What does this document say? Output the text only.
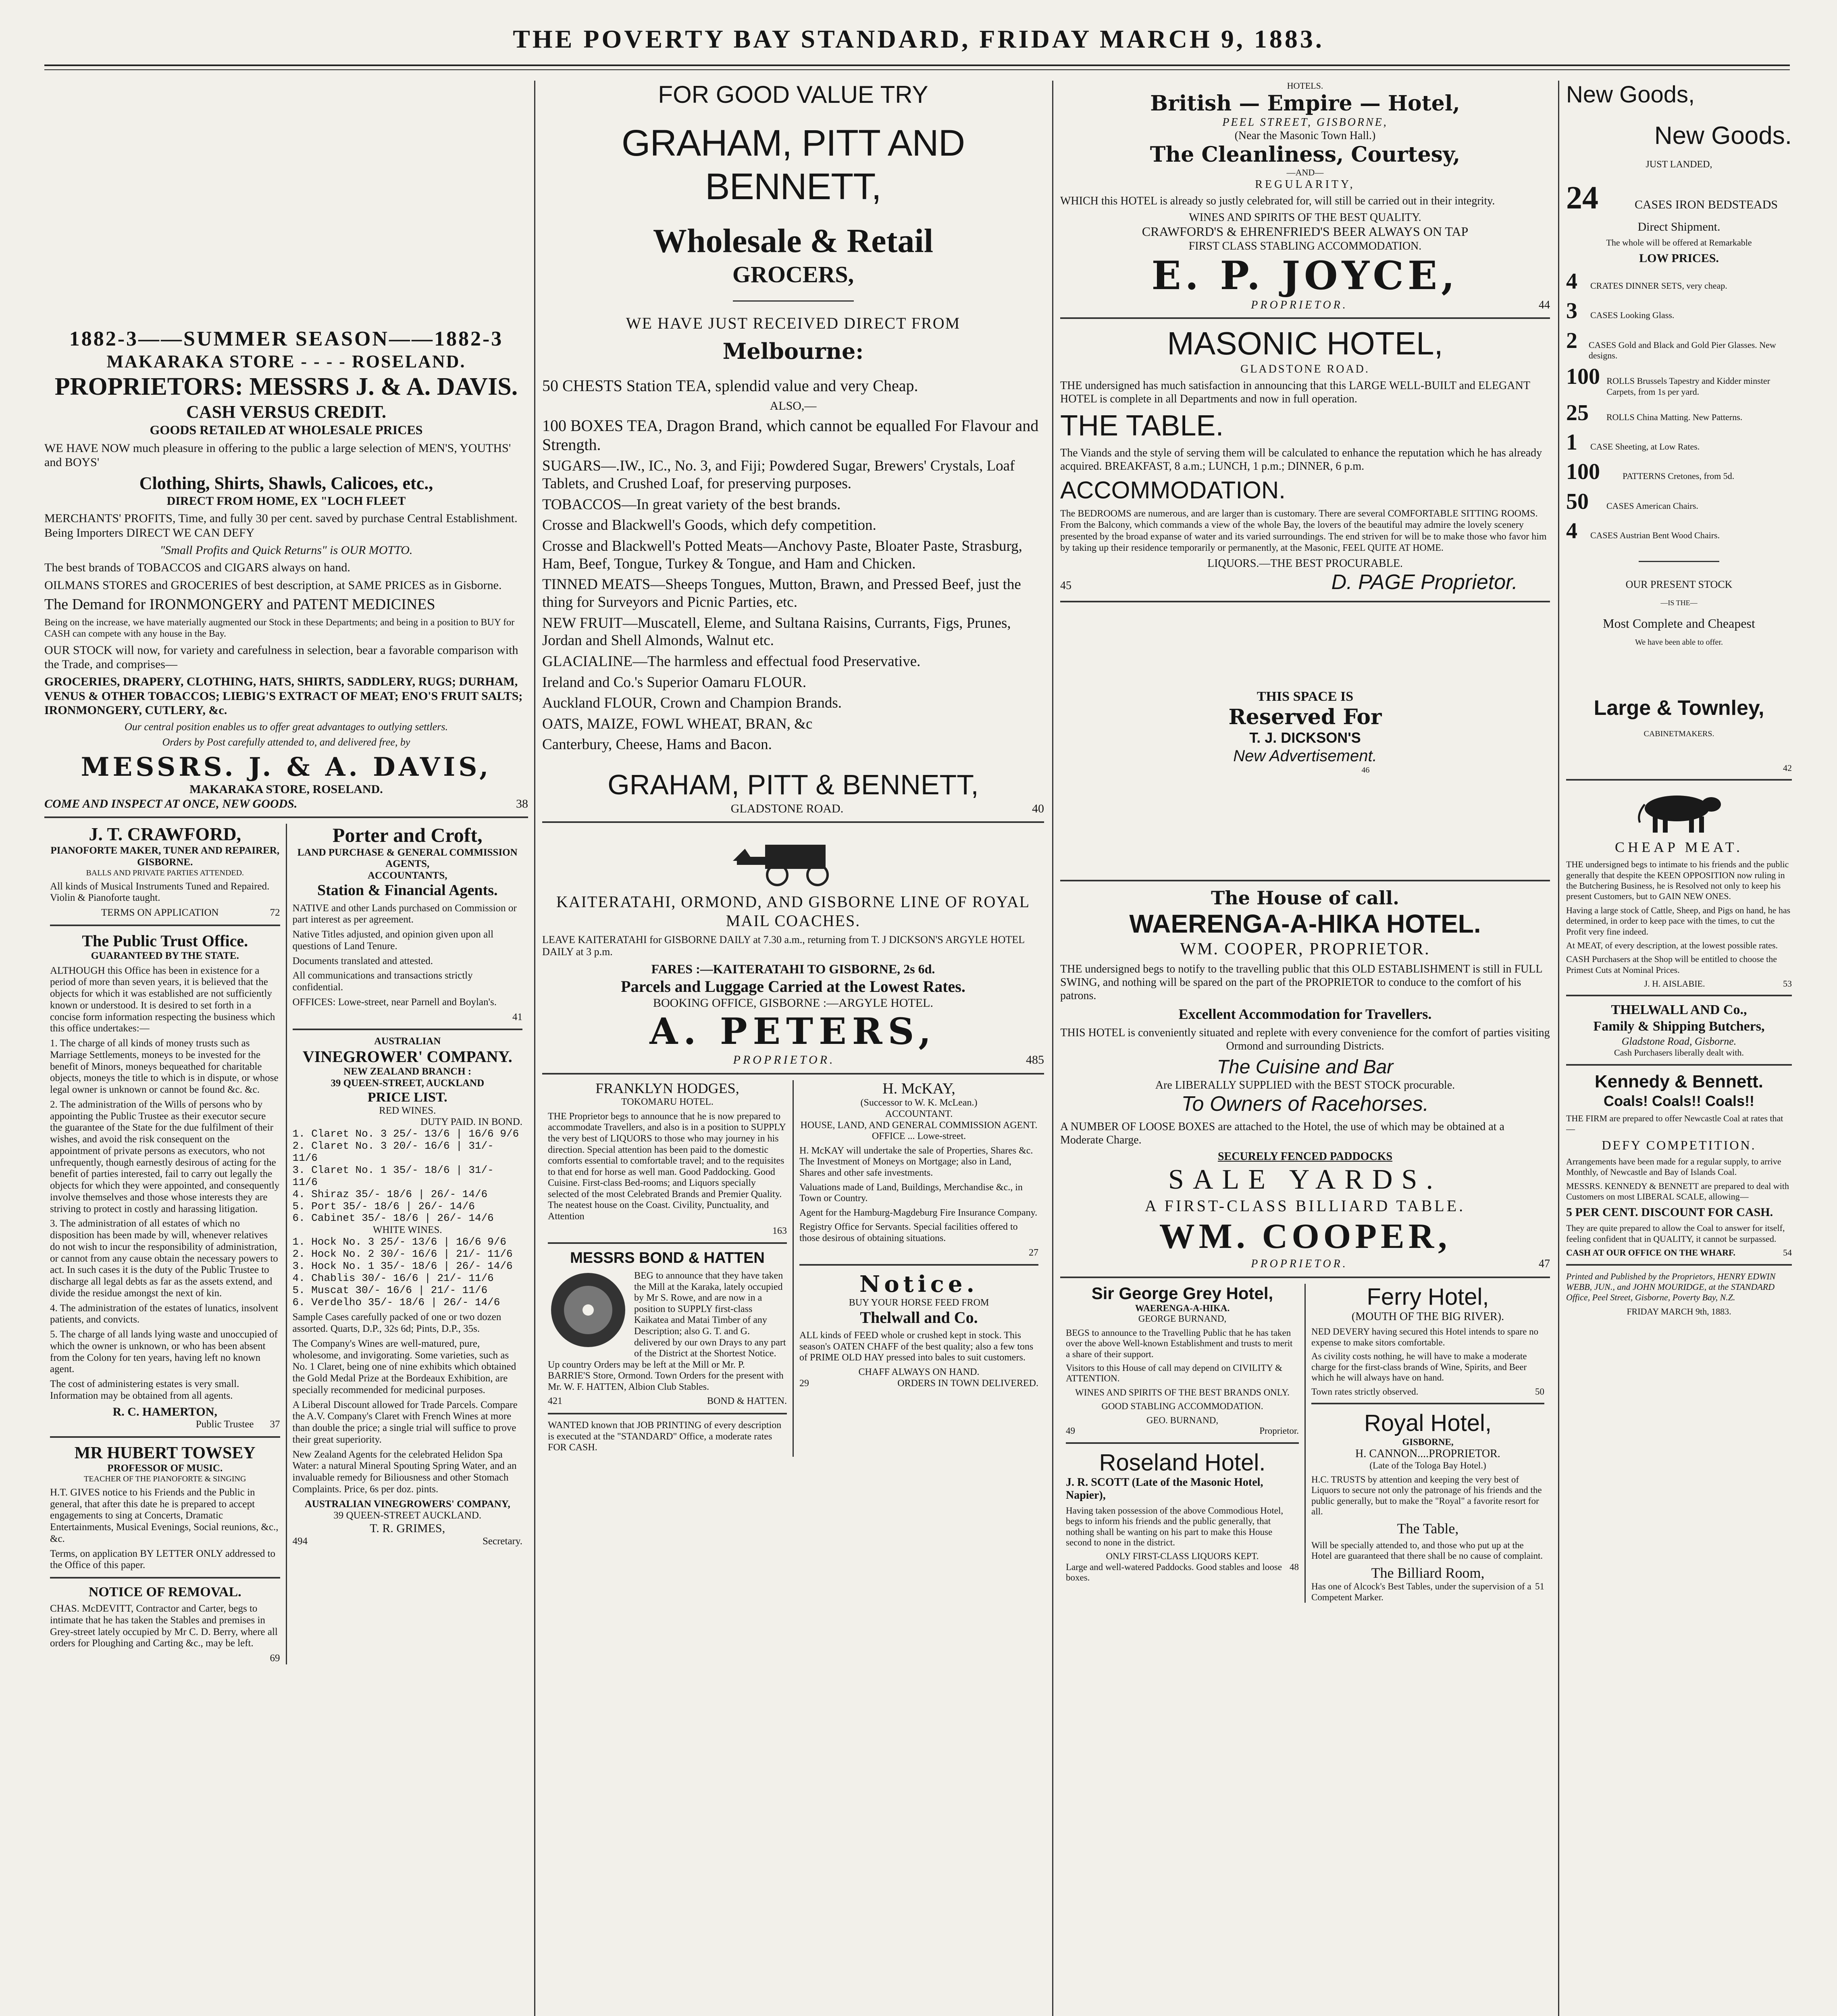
THE POVERTY BAY STANDARD, FRIDAY MARCH 9, 1883.
1882-3——SUMMER SEASON——1882-3
MAKARAKA STORE - - - - ROSELAND.
PROPRIETORS: MESSRS J. & A. DAVIS.
CASH VERSUS CREDIT.
GOODS RETAILED AT WHOLESALE PRICES

WE HAVE NOW much pleasure in offering to the public a large selection of MEN'S, YOUTHS' and BOYS'

Clothing, Shirts, Shawls, Calicoes, etc.,
DIRECT FROM HOME, EX "LOCH FLEET

MERCHANTS' PROFITS, Time, and fully 30 per cent. saved by purchase Central Establishment. Being Importers DIRECT WE CAN DEFY

"Small Profits and Quick Returns" is OUR MOTTO.

The best brands of TOBACCOS and CIGARS always on hand.

OILMANS STORES and GROCERIES of best description, at SAME PRICES as in Gisborne.

The Demand for IRONMONGERY and PATENT MEDICINES

Being on the increase, we have materially augmented our Stock in these Departments; and being in a position to BUY for CASH can compete with any house in the Bay.

OUR STOCK will now, for variety and carefulness in selection, bear a favorable comparison with the Trade, and comprises—

GROCERIES, DRAPERY, CLOTHING, HATS, SHIRTS, SADDLERY, RUGS; DURHAM, VENUS & OTHER TOBACCOS; LIEBIG'S EXTRACT OF MEAT; ENO'S FRUIT SALTS; IRONMONGERY, CUTLERY, &c.

Our central position enables us to offer great advantages to outlying settlers.

Orders by Post carefully attended to, and delivered free, by

MESSRS. J. & A. DAVIS,
MAKARAKA STORE, ROSELAND.
COME AND INSPECT AT ONCE, NEW GOODS.	38
J. T. CRAWFORD,
PIANOFORTE MAKER, TUNER AND REPAIRER, GISBORNE.
BALLS AND PRIVATE PARTIES ATTENDED.

All kinds of Musical Instruments Tuned and Repaired. Violin & Pianoforte taught.

TERMS ON APPLICATION	72
The Public Trust Office.
GUARANTEED BY THE STATE.

ALTHOUGH this Office has been in existence for a period of more than seven years, it is believed that the objects for which it was established are not sufficiently known or understood. It is desired to set forth in a concise form information respecting the business which this office undertakes:—

1. The charge of all kinds of money trusts such as Marriage Settlements, moneys to be invested for the benefit of Minors, moneys bequeathed for charitable objects, moneys the title to which is in dispute, or whose legal owner is unknown or cannot be found &c. &c.

2. The administration of the Wills of persons who by appointing the Public Trustee as their executor secure the guarantee of the State for the due fulfilment of their wishes, and avoid the risk consequent on the appointment of private persons as executors, who not unfrequently, though earnestly desirous of acting for the benefit of parties interested, fail to carry out legally the objects for which they were appointed, and consequently involve themselves and those whose interests they are striving to protect in costly and harassing litigation.

3. The administration of all estates of which no disposition has been made by will, whenever relatives do not wish to incur the responsibility of administration, or cannot from any cause obtain the necessary powers to act. In such cases it is the duty of the Public Trustee to discharge all legal debts as far as the assets extend, and divide the residue amongst the next of kin.

4. The administration of the estates of lunatics, insolvent patients, and convicts.

5. The charge of all lands lying waste and unoccupied of which the owner is unknown, or who has been absent from the Colony for ten years, having left no known agent.

The cost of administering estates is very small. Information may be obtained from all agents.

R. C. HAMERTON,
Public Trustee 37
MR HUBERT TOWSEY
PROFESSOR OF MUSIC.
TEACHER OF THE PIANOFORTE & SINGING

H.T. GIVES notice to his Friends and the Public in general, that after this date he is prepared to accept engagements to sing at Concerts, Dramatic Entertainments, Musical Evenings, Social reunions, &c., &c.

Terms, on application BY LETTER ONLY addressed to the Office of this paper.

NOTICE OF REMOVAL.

CHAS. McDEVITT, Contractor and Carter, begs to intimate that he has taken the Stables and premises in Grey-street lately occupied by Mr C. D. Berry, where all orders for Ploughing and Carting &c., may be left.

69
Porter and Croft,
LAND PURCHASE & GENERAL COMMISSION AGENTS,
ACCOUNTANTS,
Station & Financial Agents.

NATIVE and other Lands purchased on Commission or part interest as per agreement.

Native Titles adjusted, and opinion given upon all questions of Land Tenure.

Documents translated and attested.

All communications and transactions strictly confidential.

OFFICES: Lowe-street, near Parnell and Boylan's.

41
AUSTRALIAN
VINEGROWER' COMPANY.
NEW ZEALAND BRANCH :
39 QUEEN-STREET, AUCKLAND
PRICE LIST.
RED WINES.
DUTY PAID. IN BOND.
1. Claret No. 3 25/- 13/6 | 16/6 9/6
2. Claret No. 3 20/- 16/6 | 31/- 11/6
3. Claret No. 1 35/- 18/6 | 31/- 11/6
4. Shiraz 35/- 18/6 | 26/- 14/6
5. Port 35/- 18/6 | 26/- 14/6
6. Cabinet 35/- 18/6 | 26/- 14/6
WHITE WINES.
1. Hock No. 3 25/- 13/6 | 16/6 9/6
2. Hock No. 2 30/- 16/6 | 21/- 11/6
3. Hock No. 1 35/- 18/6 | 26/- 14/6
4. Chablis 30/- 16/6 | 21/- 11/6
5. Muscat 30/- 16/6 | 21/- 11/6
6. Verdelho 35/- 18/6 | 26/- 14/6

Sample Cases carefully packed of one or two dozen assorted. Quarts, D.P., 32s 6d; Pints, D.P., 35s.

The Company's Wines are well-matured, pure, wholesome, and invigorating. Some varieties, such as No. 1 Claret, being one of nine exhibits which obtained the Gold Medal Prize at the Bordeaux Exhibition, are specially recommended for medicinal purposes.

A Liberal Discount allowed for Trade Parcels. Compare the A.V. Company's Claret with French Wines at more than double the price; a single trial will suffice to prove their great superiority.

New Zealand Agents for the celebrated Helidon Spa Water: a natural Mineral Spouting Spring Water, and an invaluable remedy for Biliousness and other Stomach Complaints. Price, 6s per doz. pints.

AUSTRALIAN VINEGROWERS' COMPANY,
39 QUEEN-STREET AUCKLAND.
T. R. GRIMES,
494	Secretary.
FOR GOOD VALUE TRY
GRAHAM, PITT AND BENNETT,
Wholesale & Retail
GROCERS,
WE HAVE JUST RECEIVED DIRECT FROM
Melbourne:

50 CHESTS Station TEA, splendid value and very Cheap.

ALSO,—

100 BOXES TEA, Dragon Brand, which cannot be equalled For Flavour and Strength.

SUGARS—.IW., IC., No. 3, and Fiji; Powdered Sugar, Brewers' Crystals, Loaf Tablets, and Crushed Loaf, for preserving purposes.

TOBACCOS—In great variety of the best brands.

Crosse and Blackwell's Goods, which defy competition.

Crosse and Blackwell's Potted Meats—Anchovy Paste, Bloater Paste, Strasburg, Ham, Beef, Tongue, Turkey & Tongue, and Ham and Chicken.

TINNED MEATS—Sheeps Tongues, Mutton, Brawn, and Pressed Beef, just the thing for Surveyors and Picnic Parties, etc.

NEW FRUIT—Muscatell, Eleme, and Sultana Raisins, Currants, Figs, Prunes, Jordan and Shell Almonds, Walnut etc.

GLACIALINE—The harmless and effectual food Preservative.

Ireland and Co.'s Superior Oamaru FLOUR.

Auckland FLOUR, Crown and Champion Brands.

OATS, MAIZE, FOWL WHEAT, BRAN, &c

Canterbury, Cheese, Hams and Bacon.

GRAHAM, PITT & BENNETT,
GLADSTONE ROAD.	40
KAITERATAHI, ORMOND, AND GISBORNE LINE OF ROYAL MAIL COACHES.

LEAVE KAITERATAHI for GISBORNE DAILY at 7.30 a.m., returning from T. J DICKSON'S ARGYLE HOTEL DAILY at 3 p.m.

FARES :—KAITERATAHI TO GISBORNE, 2s 6d.
Parcels and Luggage Carried at the Lowest Rates.
BOOKING OFFICE, GISBORNE :—ARGYLE HOTEL.
A. PETERS,
PROPRIETOR.	485
FRANKLYN HODGES,
TOKOMARU HOTEL.

THE Proprietor begs to announce that he is now prepared to accommodate Travellers, and also is in a position to SUPPLY the very best of LIQUORS to those who may journey in his direction. Special attention has been paid to the domestic comforts essential to comfortable travel; and to the requisites to that end for horse as well man. Good Paddocking. Good Cuisine. First-class Bed-rooms; and Liquors specially selected of the most Celebrated Brands and Premier Quality. The neatest house on the Coast. Civility, Punctuality, and Attention

163
MESSRS BOND & HATTEN

BEG to announce that they have taken the Mill at the Karaka, lately occupied by Mr S. Rowe, and are now in a position to SUPPLY first-class Kaikatea and Matai Timber of any Description; also G. T. and G. delivered by our own Drays to any part of the District at the Shortest Notice. Up country Orders may be left at the Mill or Mr. P. BARRIE'S Store, Ormond. Town Orders for the present with Mr. W. F. HATTEN, Albion Club Stables.

421	BOND & HATTEN.

WANTED known that JOB PRINTING of every description is executed at the "STANDARD" Office, a moderate rates FOR CASH.

H. McKAY,
(Successor to W. K. McLean.)
ACCOUNTANT.
HOUSE, LAND, AND GENERAL COMMISSION AGENT.
OFFICE ... Lowe-street.

H. McKAY will undertake the sale of Properties, Shares &c. The Investment of Moneys on Mortgage; also in Land, Shares and other safe investments.

Valuations made of Land, Buildings, Merchandise &c., in Town or Country.

Agent for the Hamburg-Magdeburg Fire Insurance Company.

Registry Office for Servants. Special facilities offered to those desirous of obtaining situations.

27
Notice.
BUY YOUR HORSE FEED FROM
Thelwall and Co.

ALL kinds of FEED whole or crushed kept in stock. This season's OATEN CHAFF of the best quality; also a few tons of PRIME OLD HAY pressed into bales to suit customers.

CHAFF ALWAYS ON HAND.
29	ORDERS IN TOWN DELIVERED.
HOTELS.
British — Empire — Hotel,
PEEL STREET, GISBORNE,
(Near the Masonic Town Hall.)
The Cleanliness, Courtesy,
—AND—
REGULARITY,

WHICH this HOTEL is already so justly celebrated for, will still be carried out in their integrity.

WINES AND SPIRITS OF THE BEST QUALITY.
CRAWFORD'S & EHRENFRIED'S BEER ALWAYS ON TAP
FIRST CLASS STABLING ACCOMMODATION.
E. P. JOYCE,
PROPRIETOR.	44
MASONIC HOTEL,
GLADSTONE ROAD.

THE undersigned has much satisfaction in announcing that this LARGE WELL-BUILT and ELEGANT HOTEL is complete in all Departments and now in full operation.

THE TABLE.

The Viands and the style of serving them will be calculated to enhance the reputation which he has already acquired. BREAKFAST, 8 a.m.; LUNCH, 1 p.m.; DINNER, 6 p.m.

ACCOMMODATION.

The BEDROOMS are numerous, and are larger than is customary. There are several COMFORTABLE SITTING ROOMS. From the Balcony, which commands a view of the whole Bay, the lovers of the beautiful may admire the lovely scenery presented by the broad expanse of water and its varied surroundings. The end striven for will be to make those who favor him by taking up their residence temporarily or permanently, at the Masonic, FEEL QUITE AT HOME.

LIQUORS.—THE BEST PROCURABLE.
45	D. PAGE Proprietor.
THIS SPACE IS
Reserved For
T. J. DICKSON'S
New Advertisement.
46
The House of call.
WAERENGA-A-HIKA HOTEL.
WM. COOPER, PROPRIETOR.

THE undersigned begs to notify to the travelling public that this OLD ESTABLISHMENT is still in FULL SWING, and nothing will be spared on the part of the PROPRIETOR to conduce to the comfort of his patrons.

Excellent Accommodation for Travellers.

THIS HOTEL is conveniently situated and replete with every convenience for the comfort of parties visiting Ormond and surrounding Districts.

The Cuisine and Bar
Are LIBERALLY SUPPLIED with the BEST STOCK procurable.
To Owners of Racehorses.

A NUMBER OF LOOSE BOXES are attached to the Hotel, the use of which may be obtained at a Moderate Charge.

SECURELY FENCED PADDOCKS
SALE YARDS.
A FIRST-CLASS BILLIARD TABLE.
WM. COOPER,
PROPRIETOR.	47
Sir George Grey Hotel,
WAERENGA-A-HIKA.
GEORGE BURNAND,

BEGS to announce to the Travelling Public that he has taken over the above Well-known Establishment and trusts to merit a share of their support.

Visitors to this House of call may depend on CIVILITY & ATTENTION.

WINES AND SPIRITS OF THE BEST BRANDS ONLY.

GOOD STABLING ACCOMMODATION.

GEO. BURNAND,
49	Proprietor.
Roseland Hotel.
J. R. SCOTT (Late of the Masonic Hotel, Napier),

Having taken possession of the above Commodious Hotel, begs to inform his friends and the public generally, that nothing shall be wanting on his part to make this House second to none in the district.

ONLY FIRST-CLASS LIQUORS KEPT.
Large and well-watered Paddocks. Good stables and loose boxes.
48
Ferry Hotel,
(MOUTH OF THE BIG RIVER).

NED DEVERY having secured this Hotel intends to spare no expense to make sitors comfortable.

As civility costs nothing, he will have to make a moderate charge for the first-class brands of Wine, Spirits, and Beer which he will always have on hand.

Town rates strictly observed.	50
Royal Hotel,
GISBORNE,
H. CANNON....PROPRIETOR.
(Late of the Tologa Bay Hotel.)

H.C. TRUSTS by attention and keeping the very best of Liquors to secure not only the patronage of his friends and the public generally, but to make the "Royal" a favorite resort for all.

The Table,

Will be specially attended to, and those who put up at the Hotel are guaranteed that there shall be no cause of complaint.

The Billiard Room,
Has one of Alcock's Best Tables, under the supervision of a Competent Marker.
51
New Goods,
New Goods.
JUST LANDED,
24	CASES IRON BEDSTEADS
Direct Shipment.

The whole will be offered at Remarkable

LOW PRICES.
4	CRATES DINNER SETS, very cheap.
3	CASES Looking Glass.
2	CASES Gold and Black and Gold Pier Glasses. New designs.
100 ROLLS Brussels Tapestry and Kidder minster Carpets, from 1s per yard.
25	ROLLS China Matting. New Patterns.
1	CASE Sheeting, at Low Rates.
100	PATTERNS Cretones, from 5d.
50	CASES American Chairs.
4	CASES Austrian Bent Wood Chairs.
OUR PRESENT STOCK
—IS THE—
Most Complete and Cheapest
We have been able to offer.
Large & Townley,
CABINETMAKERS.
42
CHEAP MEAT.

THE undersigned begs to intimate to his friends and the public generally that despite the KEEN OPPOSITION now ruling in the Butchering Business, he is Resolved not only to keep his present Customers, but to GAIN NEW ONES.

Having a large stock of Cattle, Sheep, and Pigs on hand, he has determined, in order to keep pace with the times, to cut the Profit very fine indeed.

At MEAT, of every description, at the lowest possible rates.

CASH Purchasers at the Shop will be entitled to choose the Primest Cuts at Nominal Prices.

J. H. AISLABIE.	53
THELWALL AND Co.,
Family & Shipping Butchers,
Gladstone Road, Gisborne.
Cash Purchasers liberally dealt with.
Kennedy & Bennett.
Coals! Coals!! Coals!!

THE FIRM are prepared to offer Newcastle Coal at rates that—

DEFY COMPETITION.

Arrangements have been made for a regular supply, to arrive Monthly, of Newcastle and Bay of Islands Coal.

MESSRS. KENNEDY & BENNETT are prepared to deal with Customers on most LIBERAL SCALE, allowing—

5 PER CENT. DISCOUNT FOR CASH.

They are quite prepared to allow the Coal to answer for itself, feeling confident that in QUALITY, it cannot be surpassed.

CASH AT OUR OFFICE ON THE WHARF.	54

Printed and Published by the Proprietors, HENRY EDWIN WEBB, JUN., and JOHN MOURIDGE, at the STANDARD Office, Peel Street, Gisborne, Poverty Bay, N.Z.

FRIDAY MARCH 9th, 1883.
